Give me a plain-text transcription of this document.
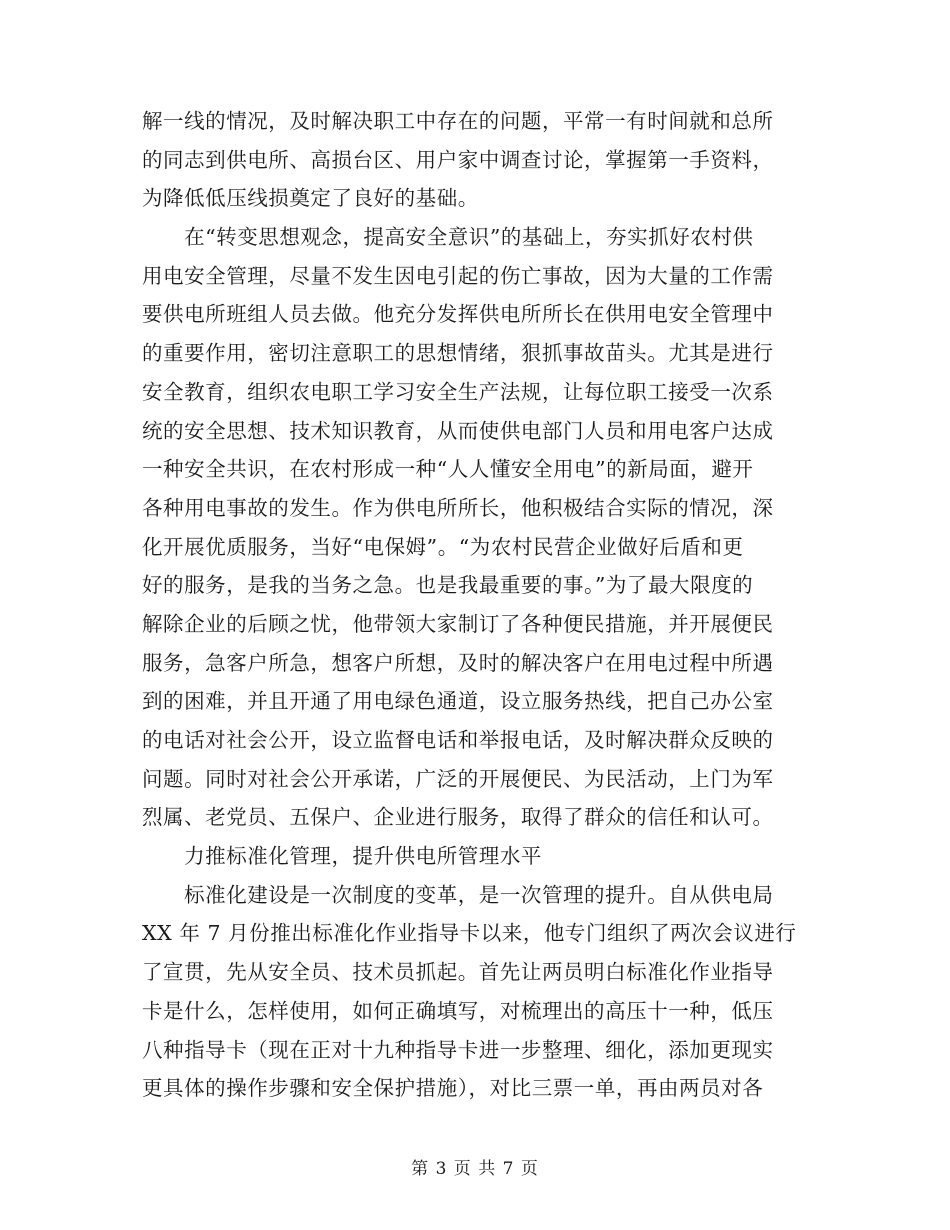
解一线的情况，及时解决职工中存在的问题，平常一有时间就和总所
的同志到供电所、高损台区、用户家中调查讨论，掌握第一手资料，
为降低低压线损奠定了良好的基础。
　　在“转变思想观念，提高安全意识”的基础上，夯实抓好农村供
用电安全管理，尽量不发生因电引起的伤亡事故，因为大量的工作需
要供电所班组人员去做。他充分发挥供电所所长在供用电安全管理中
的重要作用，密切注意职工的思想情绪，狠抓事故苗头。尤其是进行
安全教育，组织农电职工学习安全生产法规，让每位职工接受一次系
统的安全思想、技术知识教育，从而使供电部门人员和用电客户达成
一种安全共识，在农村形成一种“人人懂安全用电”的新局面，避开
各种用电事故的发生。作为供电所所长，他积极结合实际的情况，深
化开展优质服务，当好“电保姆”。“为农村民营企业做好后盾和更
好的服务，是我的当务之急。也是我最重要的事。”为了最大限度的
解除企业的后顾之忧，他带领大家制订了各种便民措施，并开展便民
服务，急客户所急，想客户所想，及时的解决客户在用电过程中所遇
到的困难，并且开通了用电绿色通道，设立服务热线，把自己办公室
的电话对社会公开，设立监督电话和举报电话，及时解决群众反映的
问题。同时对社会公开承诺，广泛的开展便民、为民活动，上门为军
烈属、老党员、五保户、企业进行服务，取得了群众的信任和认可。
　　力推标准化管理，提升供电所管理水平
　　标准化建设是一次制度的变革，是一次管理的提升。自从供电局
XX 年 7 月份推出标准化作业指导卡以来，他专门组织了两次会议进行
了宣贯，先从安全员、技术员抓起。首先让两员明白标准化作业指导
卡是什么，怎样使用，如何正确填写，对梳理出的高压十一种，低压
八种指导卡（现在正对十九种指导卡进一步整理、细化，添加更现实
更具体的操作步骤和安全保护措施），对比三票一单，再由两员对各
第 3 页 共 7 页
